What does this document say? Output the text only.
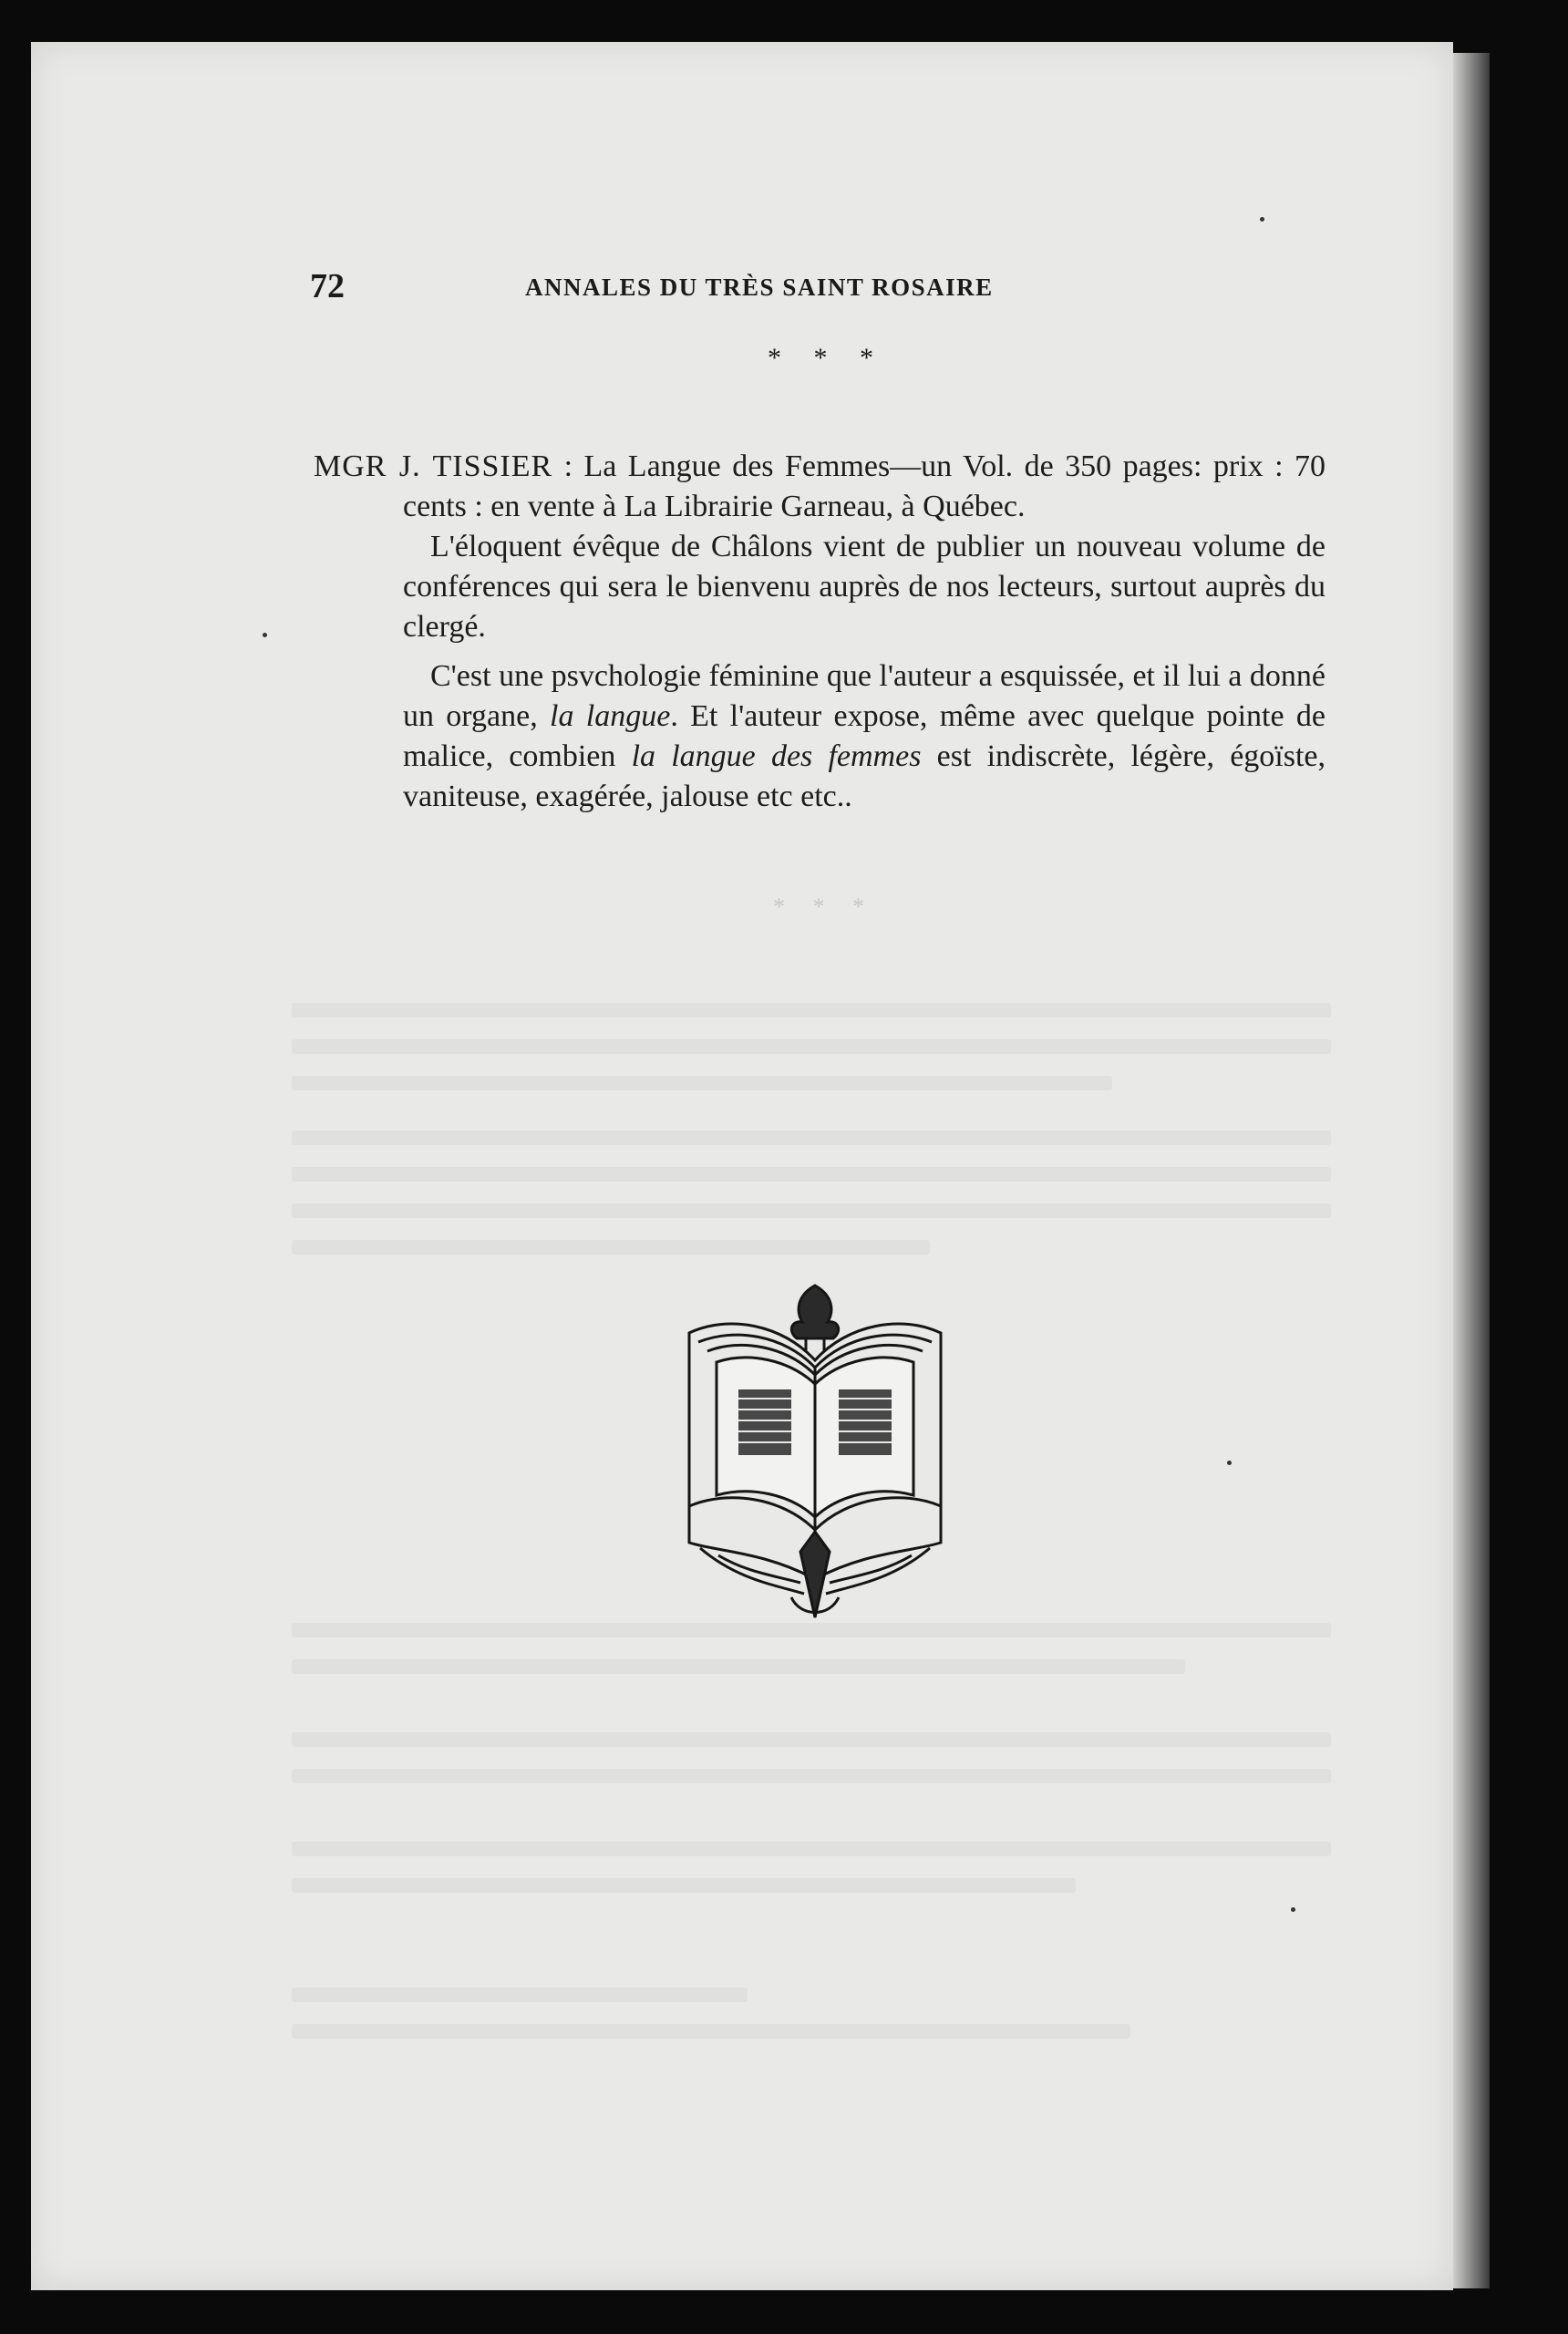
72	ANNALES DU TRÈS SAINT ROSAIRE
* * *

MGR J. TISSIER : La Langue des Femmes—un Vol. de 350 pages: prix : 70 cents : en vente à La Librairie Garneau, à Québec.

L'éloquent évêque de Châlons vient de publier un nouveau volume de conférences qui sera le bienvenu auprès de nos lecteurs, surtout auprès du clergé.

C'est une psvchologie féminine que l'auteur a esquissée, et il lui a donné un organe, la langue. Et l'auteur expose, même avec quelque pointe de malice, combien la langue des femmes est indiscrète, légère, égoïste, vaniteuse, exagérée, jalouse etc etc..

* * *
